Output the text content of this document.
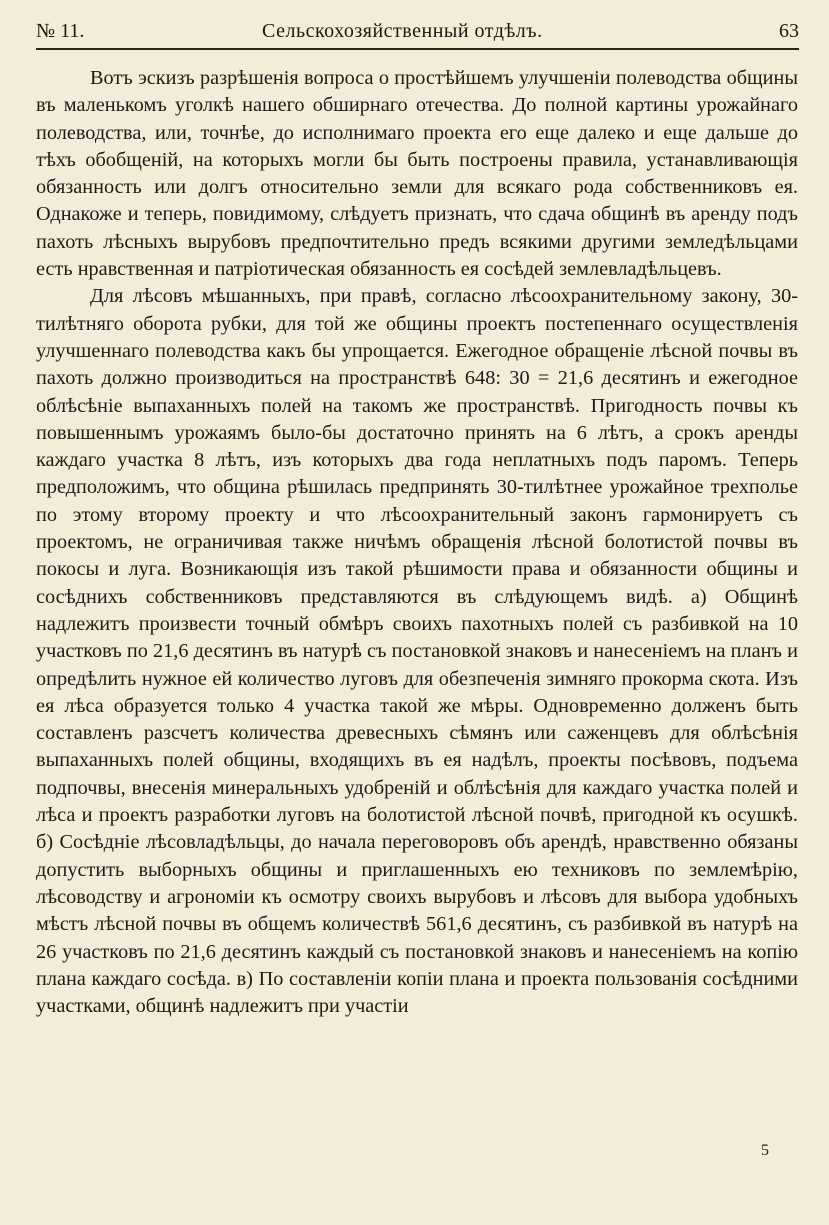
№ 11.	Сельскохозяйственный отдѣлъ.	63

Вотъ эскизъ разрѣшенія вопроса о простѣйшемъ улучшеніи полеводства общины въ маленькомъ уголкѣ нашего обширнаго отечества. До полной картины урожайнаго полеводства, или, точнѣе, до исполнимаго проекта его еще далеко и еще дальше до тѣхъ обобщеній, на которыхъ могли бы быть построены правила, устанавливающія обязанность или долгъ относительно земли для всякаго рода собственниковъ ея. Однакоже и теперь, повидимому, слѣдуетъ признать, что сдача общинѣ въ аренду подъ пахоть лѣсныхъ вырубовъ предпочтительно предъ всякими другими земледѣльцами есть нравственная и патріотическая обязанность ея сосѣдей землевладѣльцевъ.

Для лѣсовъ мѣшанныхъ, при правѣ, согласно лѣсоохранительному закону, 30-тилѣтняго оборота рубки, для той же общины проектъ постепеннаго осуществленія улучшеннаго полеводства какъ бы упрощается. Ежегодное обращеніе лѣсной почвы въ пахоть должно производиться на пространствѣ 648: 30 = 21,6 десятинъ и ежегодное облѣсѣніе выпаханныхъ полей на такомъ же пространствѣ. Пригодность почвы къ повышеннымъ урожаямъ было-бы достаточно принять на 6 лѣтъ, а срокъ аренды каждаго участка 8 лѣтъ, изъ которыхъ два года неплатныхъ подъ паромъ. Теперь предположимъ, что община рѣшилась предпринять 30-тилѣтнее урожайное трехполье по этому второму проекту и что лѣсоохранительный законъ гармонируетъ съ проектомъ, не ограничивая также ничѣмъ обращенія лѣсной болотистой почвы въ покосы и луга. Возникающія изъ такой рѣшимости права и обязанности общины и сосѣднихъ собственниковъ представляются въ слѣдующемъ видѣ. а) Общинѣ надлежитъ произвести точный обмѣръ своихъ пахотныхъ полей съ разбивкой на 10 участковъ по 21,6 десятинъ въ натурѣ съ постановкой знаковъ и нанесеніемъ на планъ и опредѣлить нужное ей количество луговъ для обезпеченія зимняго прокорма скота. Изъ ея лѣса образуется только 4 участка такой же мѣры. Одновременно долженъ быть составленъ разсчетъ количества древесныхъ сѣмянъ или саженцевъ для облѣсѣнія выпаханныхъ полей общины, входящихъ въ ея надѣлъ, проекты посѣвовъ, подъема подпочвы, внесенія минеральныхъ удобреній и облѣсѣнія для каждаго участка полей и лѣса и проектъ разработки луговъ на болотистой лѣсной почвѣ, пригодной къ осушкѣ. б) Сосѣдніе лѣсовладѣльцы, до начала переговоровъ объ арендѣ, нравственно обязаны допустить выборныхъ общины и приглашенныхъ ею техниковъ по землемѣрію, лѣсоводству и агрономіи къ осмотру своихъ вырубовъ и лѣсовъ для выбора удобныхъ мѣстъ лѣсной почвы въ общемъ количествѣ 561,6 десятинъ, съ разбивкой въ натурѣ на 26 участковъ по 21,6 десятинъ каждый съ постановкой знаковъ и нанесеніемъ на копію плана каждаго сосѣда. в) По составленіи копіи плана и проекта пользованія сосѣдними участками, общинѣ надлежитъ при участіи

5
